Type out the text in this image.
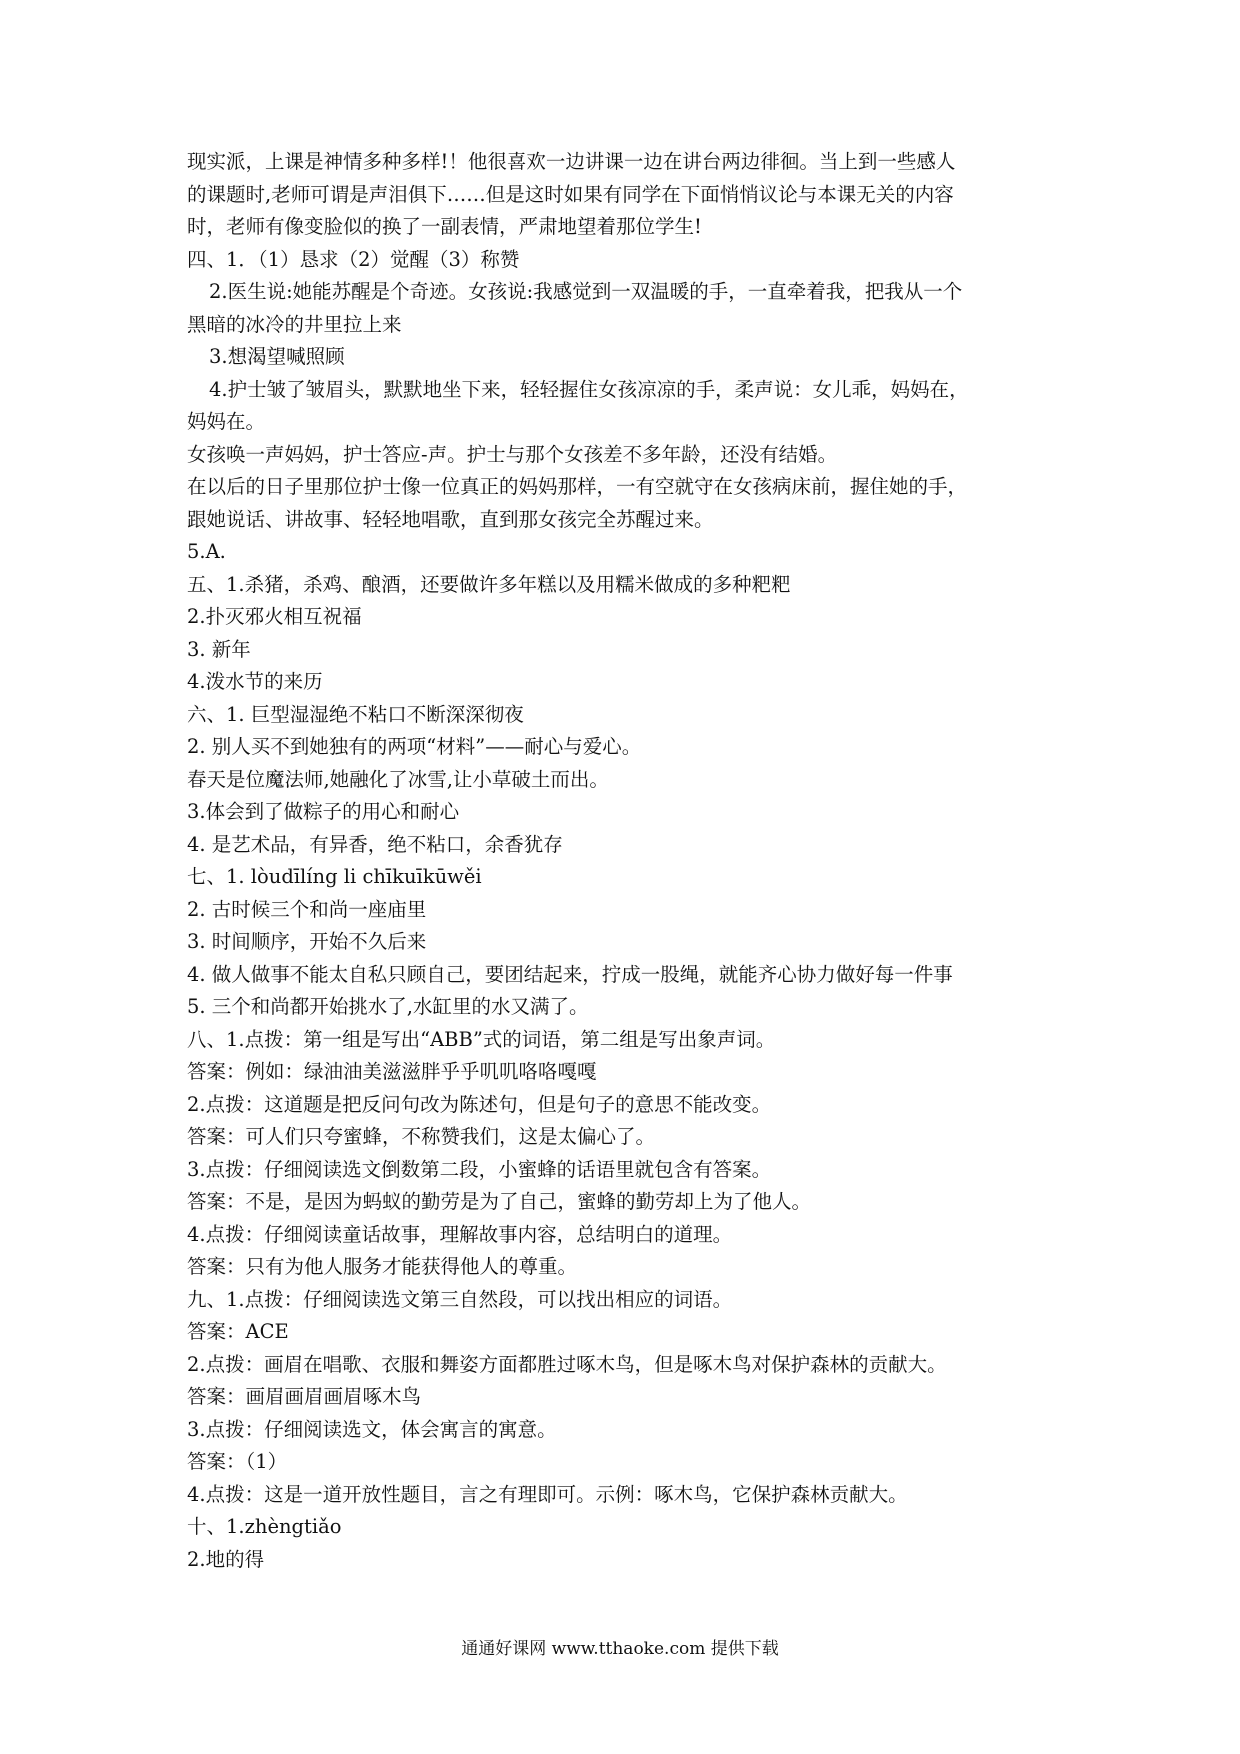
现实派，上课是神情多种多样!！他很喜欢一边讲课一边在讲台两边徘徊。当上到一些感人
的课题时,老师可谓是声泪俱下……但是这时如果有同学在下面悄悄议论与本课无关的内容
时，老师有像变脸似的换了一副表情，严肃地望着那位学生!
四、1．（1）恳求（2）觉醒（3）称赞
2.医生说:她能苏醒是个奇迹。女孩说:我感觉到一双温暖的手，一直牵着我，把我从一个
黑暗的冰冷的井里拉上来
3.想渴望喊照顾
4.护士皱了皱眉头，默默地坐下来，轻轻握住女孩凉凉的手，柔声说：女儿乖，妈妈在，
妈妈在。
女孩唤一声妈妈，护士答应-声。护士与那个女孩差不多年龄，还没有结婚。
在以后的日子里那位护士像一位真正的妈妈那样，一有空就守在女孩病床前，握住她的手，
跟她说话、讲故事、轻轻地唱歌，直到那女孩完全苏醒过来。
5.A.
五、1.杀猪，杀鸡、酿酒，还要做许多年糕以及用糯米做成的多种粑粑
2.扑灭邪火相互祝福
3. 新年
4.泼水节的来历
六、1. 巨型湿湿绝不粘口不断深深彻夜
2. 别人买不到她独有的两项“材料”——耐心与爱心。
春天是位魔法师,她融化了冰雪,让小草破土而出。
3.体会到了做粽子的用心和耐心
4. 是艺术品，有异香，绝不粘口，余香犹存
七、1. lòudīlíng li chīkuīkūwěi
2. 古时候三个和尚一座庙里
3. 时间顺序，开始不久后来
4. 做人做事不能太自私只顾自己，要团结起来，拧成一股绳，就能齐心协力做好每一件事
5. 三个和尚都开始挑水了,水缸里的水又满了。
八、1.点拨：第一组是写出“ABB”式的词语，第二组是写出象声词。
答案：例如：绿油油美滋滋胖乎乎叽叽咯咯嘎嘎
2.点拨：这道题是把反问句改为陈述句，但是句子的意思不能改变。
答案：可人们只夸蜜蜂，不称赞我们，这是太偏心了。
3.点拨：仔细阅读选文倒数第二段，小蜜蜂的话语里就包含有答案。
答案：不是，是因为蚂蚁的勤劳是为了自己，蜜蜂的勤劳却上为了他人。
4.点拨：仔细阅读童话故事，理解故事内容，总结明白的道理。
答案：只有为他人服务才能获得他人的尊重。
九、1.点拨：仔细阅读选文第三自然段，可以找出相应的词语。
答案：ACE
2.点拨：画眉在唱歌、衣服和舞姿方面都胜过啄木鸟，但是啄木鸟对保护森林的贡献大。
答案：画眉画眉画眉啄木鸟
3.点拨：仔细阅读选文，体会寓言的寓意。
答案：（1）
4.点拨：这是一道开放性题目，言之有理即可。示例：啄木鸟，它保护森林贡献大。
十、1.zhèngtiǎo
2.地的得
通通好课网 www.tthaoke.com 提供下载
